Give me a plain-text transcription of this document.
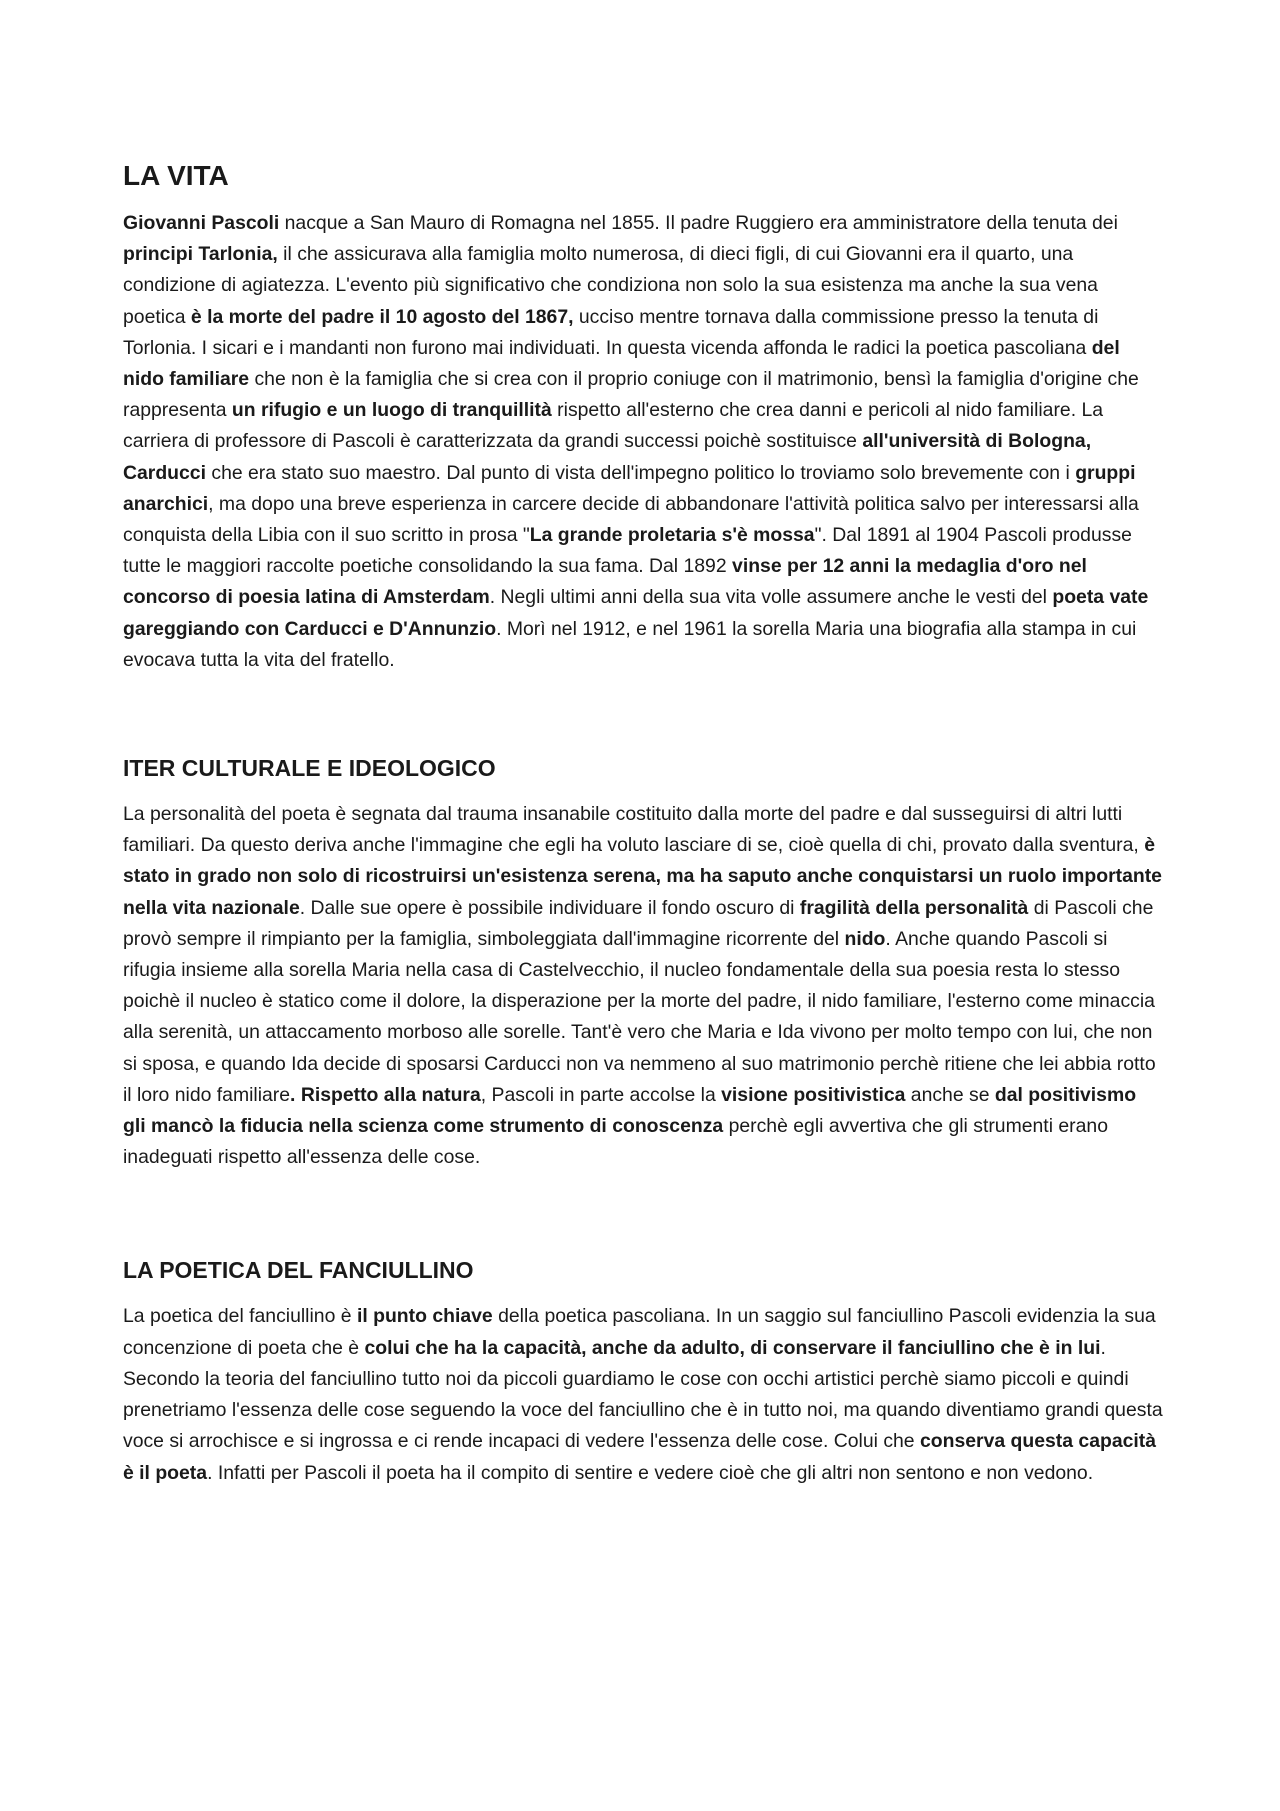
LA VITA

Giovanni Pascoli nacque a San Mauro di Romagna nel 1855. Il padre Ruggiero era amministratore della tenuta dei principi Tarlonia, il che assicurava alla famiglia molto numerosa, di dieci figli, di cui Giovanni era il quarto, una condizione di agiatezza. L'evento più significativo che condiziona non solo la sua esistenza ma anche la sua vena poetica è la morte del padre il 10 agosto del 1867, ucciso mentre tornava dalla commissione presso la tenuta di Torlonia. I sicari e i mandanti non furono mai individuati. In questa vicenda affonda le radici la poetica pascoliana del nido familiare che non è la famiglia che si crea con il proprio coniuge con il matrimonio, bensì la famiglia d'origine che rappresenta un rifugio e un luogo di tranquillità rispetto all'esterno che crea danni e pericoli al nido familiare. La carriera di professore di Pascoli è caratterizzata da grandi successi poichè sostituisce all'università di Bologna, Carducci che era stato suo maestro. Dal punto di vista dell'impegno politico lo troviamo solo brevemente con i gruppi anarchici, ma dopo una breve esperienza in carcere decide di abbandonare l'attività politica salvo per interessarsi alla conquista della Libia con il suo scritto in prosa "La grande proletaria s'è mossa". Dal 1891 al 1904 Pascoli produsse tutte le maggiori raccolte poetiche consolidando la sua fama. Dal 1892 vinse per 12 anni la medaglia d'oro nel concorso di poesia latina di Amsterdam. Negli ultimi anni della sua vita volle assumere anche le vesti del poeta vate gareggiando con Carducci e D'Annunzio. Morì nel 1912, e nel 1961 la sorella Maria una biografia alla stampa in cui evocava tutta la vita del fratello.

ITER CULTURALE E IDEOLOGICO

La personalità del poeta è segnata dal trauma insanabile costituito dalla morte del padre e dal susseguirsi di altri lutti familiari. Da questo deriva anche l'immagine che egli ha voluto lasciare di se, cioè quella di chi, provato dalla sventura, è stato in grado non solo di ricostruirsi un'esistenza serena, ma ha saputo anche conquistarsi un ruolo importante nella vita nazionale. Dalle sue opere è possibile individuare il fondo oscuro di fragilità della personalità di Pascoli che provò sempre il rimpianto per la famiglia, simboleggiata dall'immagine ricorrente del nido. Anche quando Pascoli si rifugia insieme alla sorella Maria nella casa di Castelvecchio, il nucleo fondamentale della sua poesia resta lo stesso poichè il nucleo è statico come il dolore, la disperazione per la morte del padre, il nido familiare, l'esterno come minaccia alla serenità, un attaccamento morboso alle sorelle. Tant'è vero che Maria e Ida vivono per molto tempo con lui, che non si sposa, e quando Ida decide di sposarsi Carducci non va nemmeno al suo matrimonio perchè ritiene che lei abbia rotto il loro nido familiare. Rispetto alla natura, Pascoli in parte accolse la visione positivistica anche se dal positivismo gli mancò la fiducia nella scienza come strumento di conoscenza perchè egli avvertiva che gli strumenti erano inadeguati rispetto all'essenza delle cose.

LA POETICA DEL FANCIULLINO

La poetica del fanciullino è il punto chiave della poetica pascoliana. In un saggio sul fanciullino Pascoli evidenzia la sua concenzione di poeta che è colui che ha la capacità, anche da adulto, di conservare il fanciullino che è in lui. Secondo la teoria del fanciullino tutto noi da piccoli guardiamo le cose con occhi artistici perchè siamo piccoli e quindi prenetriamo l'essenza delle cose seguendo la voce del fanciullino che è in tutto noi, ma quando diventiamo grandi questa voce si arrochisce e si ingrossa e ci rende incapaci di vedere l'essenza delle cose. Colui che conserva questa capacità è il poeta. Infatti per Pascoli il poeta ha il compito di sentire e vedere cioè che gli altri non sentono e non vedono.
